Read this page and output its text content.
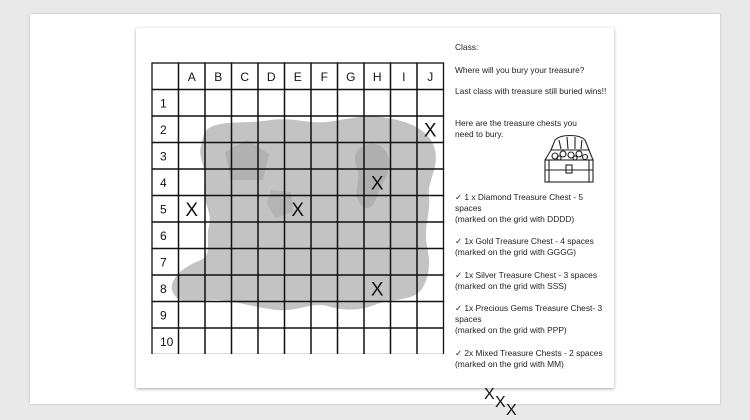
A B C D E F G H I J
1
2
3
4
5
6
7
8
9
10
X
X
X	X
X

Class:

Where will you bury your treasure?

Last class with treasure still buried wins!!

Here are the treasure chests you need to bury.

✓ 1 x Diamond Treasure Chest - 5 spaces
(marked on the grid with DDDD)
✓ 1x Gold Treasure Chest - 4 spaces
(marked on the grid with GGGG)
✓ 1x Silver Treasure Chest - 3 spaces
(marked on the grid with SSS)
✓ 1x Precious Gems Treasure Chest- 3 spaces
(marked on the grid with PPP)
✓ 2x Mixed Treasure Chests - 2 spaces
(marked on the grid with MM)
X X X
